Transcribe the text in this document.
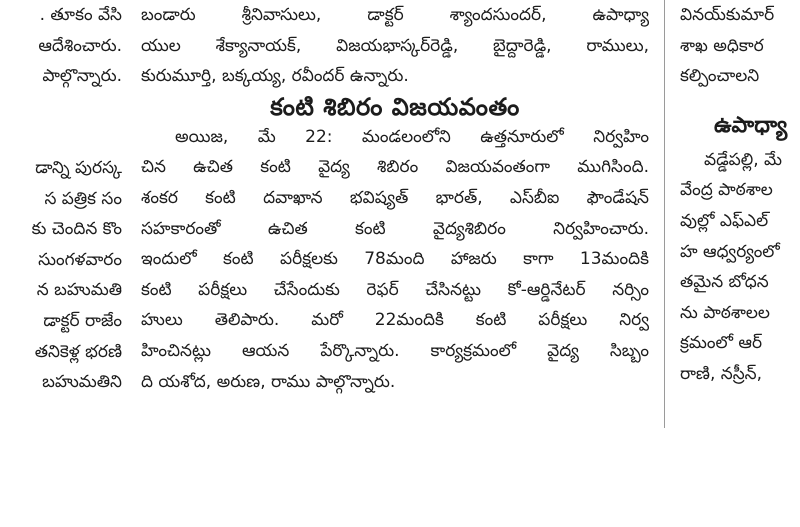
. తూకం వేసి
ఆదేశించారు.
పాల్గొన్నారు.
డాన్ని పురస్క
స పత్రిక సం
కు చెందిన కొం
సుంగళవారం
న బహుమతి
డాక్టర్ రాజేం
తనికెళ్ల భరణి
బహుమతిని
బండారు శ్రీనివాసులు, డాక్టర్ శ్యాందసుందర్, ఉపాధ్యా
యుల శేక్యానాయక్, విజయభాస్కర్‌రెడ్డి, బైద్దారెడ్డి, రాములు,
కురుమూర్తి, బక్కయ్య, రవీందర్ ఉన్నారు.
కంటి శిబిరం విజయవంతం
అయిజ, మే 22: మండలంలోని ఉత్తనూరులో నిర్వహిం
చిన ఉచిత కంటి వైద్య శిబిరం విజయవంతంగా ముగిసింది.
శంకర కంటి దవాఖాన భవిష్యత్ భారత్, ఎస్‌బీఐ ఫౌండేషన్
సహకారంతో ఉచిత కంటి వైద్యశిబిరం నిర్వహించారు.
ఇందులో కంటి పరీక్షలకు 78మంది హాజరు కాగా 13మందికి
కంటి పరీక్షలు చేసేందుకు రెఫర్ చేసినట్టు కో-ఆర్డినేటర్ నర్సిం
హులు తెలిపారు. మరో 22మందికి కంటి పరీక్షలు నిర్వ
హించినట్లు ఆయన పేర్కొన్నారు. కార్యక్రమంలో వైద్య సిబ్బం
ది యశోద, అరుణ, రాము పాల్గొన్నారు.
వినయ్‌కుమార్
శాఖ అధికార
కల్పించాలని
ఉపాధ్యా
వడ్డేపల్లి, మే
వేంద్ర పాఠశాల
వుల్లో ఎఫ్ఎల్
హ ఆధ్వర్యంలో
తమైన బోధన
ను పాఠశాలల
క్రమంలో ఆర్
రాణి, నస్రీన్,
